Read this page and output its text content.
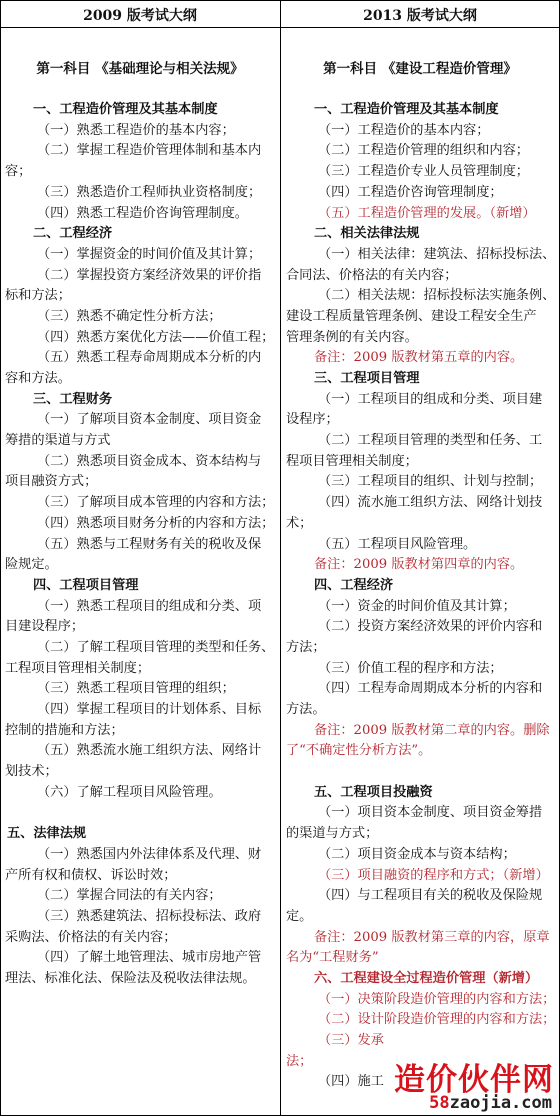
2009 版考试大纲	2013 版考试大纲
第一科目 《基础理论与相关法规》
一、工程造价管理及其基本制度
（一）熟悉工程造价的基本内容；
（二）掌握工程造价管理体制和基本内
容；
（三）熟悉造价工程师执业资格制度；
（四）熟悉工程造价咨询管理制度。
二、工程经济
（一）掌握资金的时间价值及其计算；
（二）掌握投资方案经济效果的评价指
标和方法；
（三）熟悉不确定性分析方法；
（四）熟悉方案优化方法——价值工程；
（五）熟悉工程寿命周期成本分析的内
容和方法。
三、工程财务
（一）了解项目资本金制度、项目资金
筹措的渠道与方式
（二）熟悉项目资金成本、资本结构与
项目融资方式；
（三）了解项目成本管理的内容和方法；
（四）熟悉项目财务分析的内容和方法；
（五）熟悉与工程财务有关的税收及保
险规定。
四、工程项目管理
（一）熟悉工程项目的组成和分类、项
目建设程序；
（二）了解工程项目管理的类型和任务、
工程项目管理相关制度；
（三）熟悉工程项目管理的组织；
（四）掌握工程项目的计划体系、目标
控制的措施和方法；
（五）熟悉流水施工组织方法、网络计
划技术；
（六）了解工程项目风险管理。
五、法律法规
（一）熟悉国内外法律体系及代理、财
产所有权和债权、诉讼时效；
（二）掌握合同法的有关内容；
（三）熟悉建筑法、招标投标法、政府
采购法、价格法的有关内容；
（四）了解土地管理法、城市房地产管
理法、标准化法、保险法及税收法律法规。
第一科目 《建设工程造价管理》
一、工程造价管理及其基本制度
（一）工程造价的基本内容；
（二）工程造价管理的组织和内容；
（三）工程造价专业人员管理制度；
（四）工程造价咨询管理制度；
（五）工程造价管理的发展。（新增）
二、相关法律法规
（一）相关法律：建筑法、招标投标法、
合同法、价格法的有关内容；
（二）相关法规：招标投标法实施条例、
建设工程质量管理条例、建设工程安全生产
管理条例的有关内容。
备注：2009 版教材第五章的内容。
三、工程项目管理
（一）工程项目的组成和分类、项目建
设程序；
（二）工程项目管理的类型和任务、工
程项目管理相关制度；
（三）工程项目的组织、计划与控制；
（四）流水施工组织方法、网络计划技
术；
（五）工程项目风险管理。
备注：2009 版教材第四章的内容。
四、工程经济
（一）资金的时间价值及其计算；
（二）投资方案经济效果的评价内容和
方法；
（三）价值工程的程序和方法；
（四）工程寿命周期成本分析的内容和
方法。
备注：2009 版教材第二章的内容。删除
了“不确定性分析方法”。
五、工程项目投融资
（一）项目资本金制度、项目资金筹措
的渠道与方式；
（二）项目资金成本与资本结构；
（三）项目融资的程序和方式；（新增）
（四）与工程项目有关的税收及保险规
定。
备注：2009 版教材第三章的内容，原章
名为“工程财务”
六、工程建设全过程造价管理（新增）
（一）决策阶段造价管理的内容和方法；
（二）设计阶段造价管理的内容和方法；
（三）发承
法；
（四）施工 造价伙伴网
58zaojia.com
